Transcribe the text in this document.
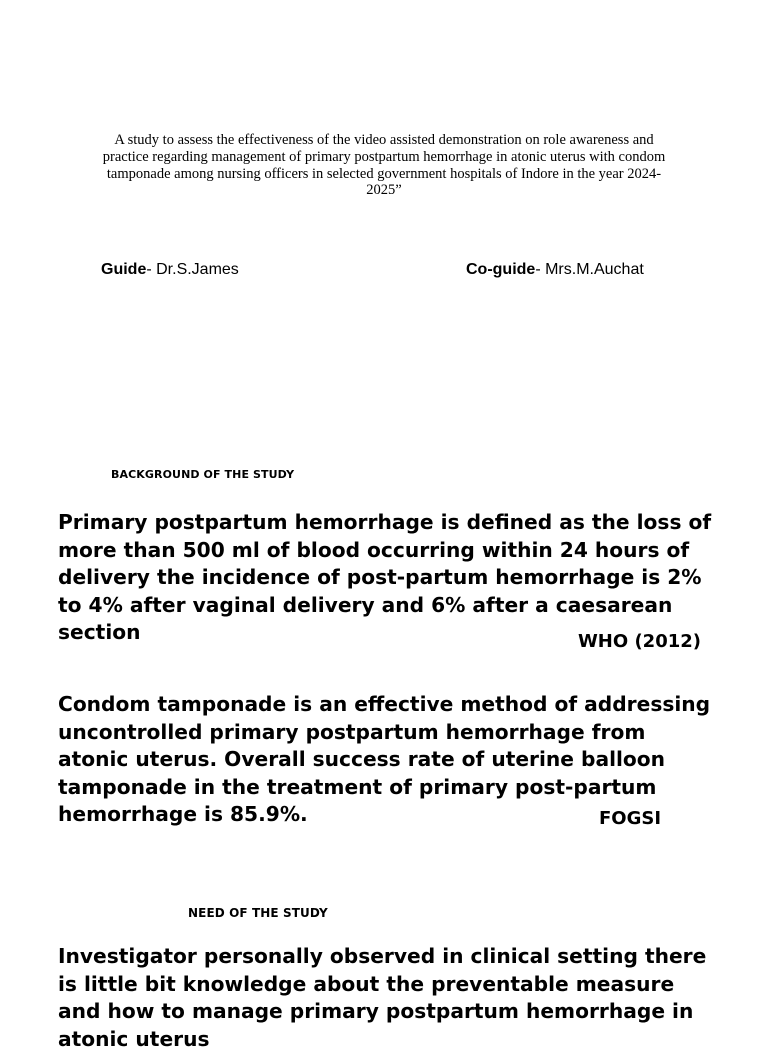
A study to assess the effectiveness of the video assisted demonstration on role awareness and practice regarding management of primary postpartum hemorrhage in atonic uterus with condom tamponade among nursing officers in selected government hospitals of Indore in the year 2024-2025”

Guide- Dr.S.James	Co-guide- Mrs.M.Auchat
BACKGROUND OF THE STUDY

Primary postpartum hemorrhage is defined as the loss of more than 500 ml of blood occurring within 24 hours of delivery the incidence of post-partum hemorrhage is 2% to 4% after vaginal delivery and 6% after a caesarean section	WHO (2012)

Condom tamponade is an effective method of addressing uncontrolled primary postpartum hemorrhage from atonic uterus. Overall success rate of uterine balloon tamponade in the treatment of primary post-partum hemorrhage is 85.9%.	FOGSI

NEED OF THE STUDY

Investigator personally observed in clinical setting there is little bit knowledge about the preventable measure and how to manage primary postpartum hemorrhage in atonic uterus
